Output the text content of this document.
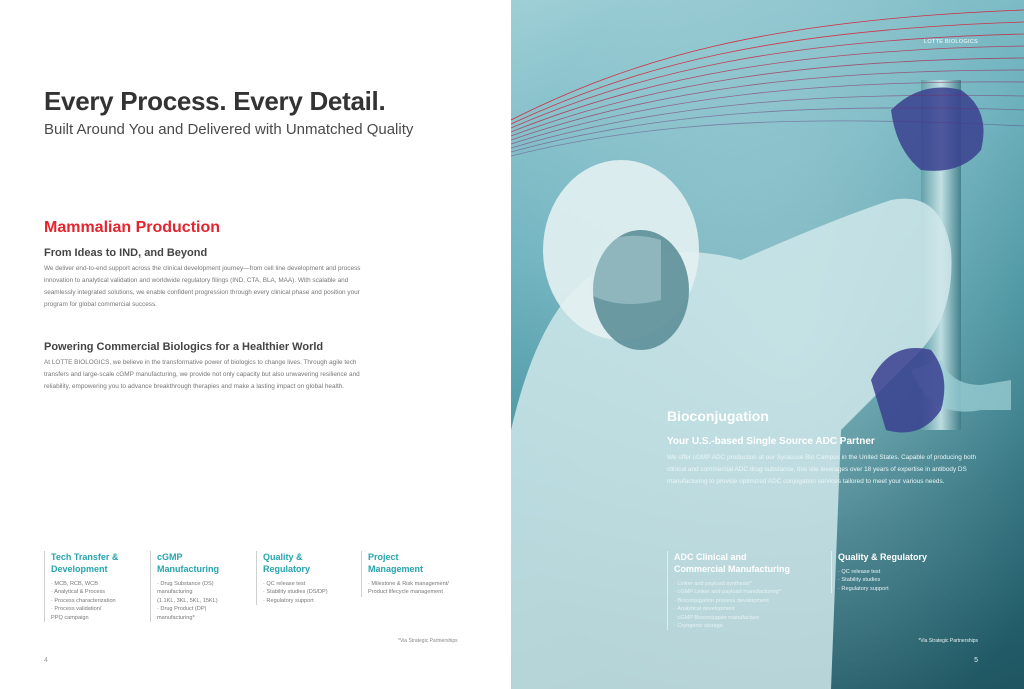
Every Process. Every Detail.
Built Around You and Delivered with Unmatched Quality
Mammalian Production
From Ideas to IND, and Beyond
We deliver end-to-end support across the clinical development journey—from cell line development and process innovation to analytical validation and worldwide regulatory filings (IND, CTA, BLA, MAA). With scalable and seamlessly integrated solutions, we enable confident progression through every clinical phase and position your program for global commercial success.
Powering Commercial Biologics for a Healthier World
At LOTTE BIOLOGICS, we believe in the transformative power of biologics to change lives. Through agile tech transfers and large-scale cGMP manufacturing, we provide not only capacity but also unwavering resilience and reliability, empowering you to advance breakthrough therapies and make a lasting impact on global health.
Tech Transfer &
Development
· MCB, RCB, WCB
· Analytical & Process
· Process characterization
· Process validation/
PPQ campaign
cGMP
Manufacturing
· Drug Substance (DS)
manufacturing
(1.1KL, 3KL, 5KL, 15KL)
· Drug Product (DP)
manufacturing*
Quality &
Regulatory
· QC release test
· Stability studies (DS/DP)
· Regulatory support
Project
Management
· Milestone & Risk management/
Product lifecycle management
*Via Strategic Partnerships
4
LOTTE BIOLOGICS
Bioconjugation
Your U.S.-based Single Source ADC Partner
We offer cGMP ADC production at our Syracuse Bio Campus in the United States. Capable of producing both clinical and commercial ADC drug substance, this site leverages over 18 years of expertise in antibody DS manufacturing to provide optimized ADC conjugation services tailored to meet your various needs.
ADC Clinical and
Commercial Manufacturing
· Linker and payload synthesis*
· cGMP Linker and payload manufacturing*
· Bioconjugation process development
· Analytical development
· cGMP Bioconjugate manufacture
· Cryogenic storage
Quality & Regulatory
· QC release test
· Stability studies
· Regulatory support
*Via Strategic Partnerships
5
